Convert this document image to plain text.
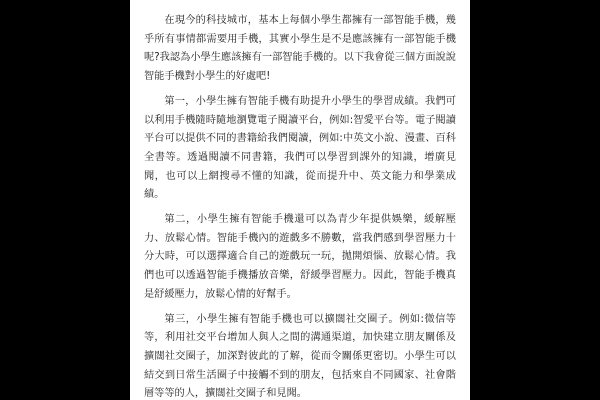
在現今的科技城市，基本上每個小學生都擁有一部智能手機，幾乎所有事情都需要用手機，其實小學生是不是應該擁有一部智能手機呢?我認為小學生應該擁有一部智能手機的。以下我會從三個方面說說智能手機對小學生的好處吧!

第一，小學生擁有智能手機有助提升小學生的學習成績。我們可以利用手機隨時隨地瀏覽電子閱讀平台，例如:智愛平台等。電子閱讀平台可以提供不同的書籍給我們閱讀，例如:中英文小說、漫畫、百科全書等。透過閱讀不同書籍，我們可以學習到課外的知識，增廣見聞，也可以上網搜尋不懂的知識，從而提升中、英文能力和學業成績。

第二，小學生擁有智能手機還可以為青少年提供娛樂，緩解壓力、放鬆心情。智能手機內的遊戲多不勝數，當我們感到學習壓力十分大時，可以選擇適合自己的遊戲玩一玩，拋開煩惱、放鬆心情。我們也可以透過智能手機播放音樂，舒緩學習壓力。因此，智能手機真是舒緩壓力，放鬆心情的好幫手。

第三，小學生擁有智能手機也可以擴闊社交圈子。例如:微信等等，利用社交平台增加人與人之間的溝通渠道，加快建立朋友關係及擴闊社交圈子，加深對彼此的了解，從而令關係更密切。小學生可以結交到日常生活圈子中接觸不到的朋友，包括來自不同國家、社會階層等等的人，擴闊社交圈子和見聞。
